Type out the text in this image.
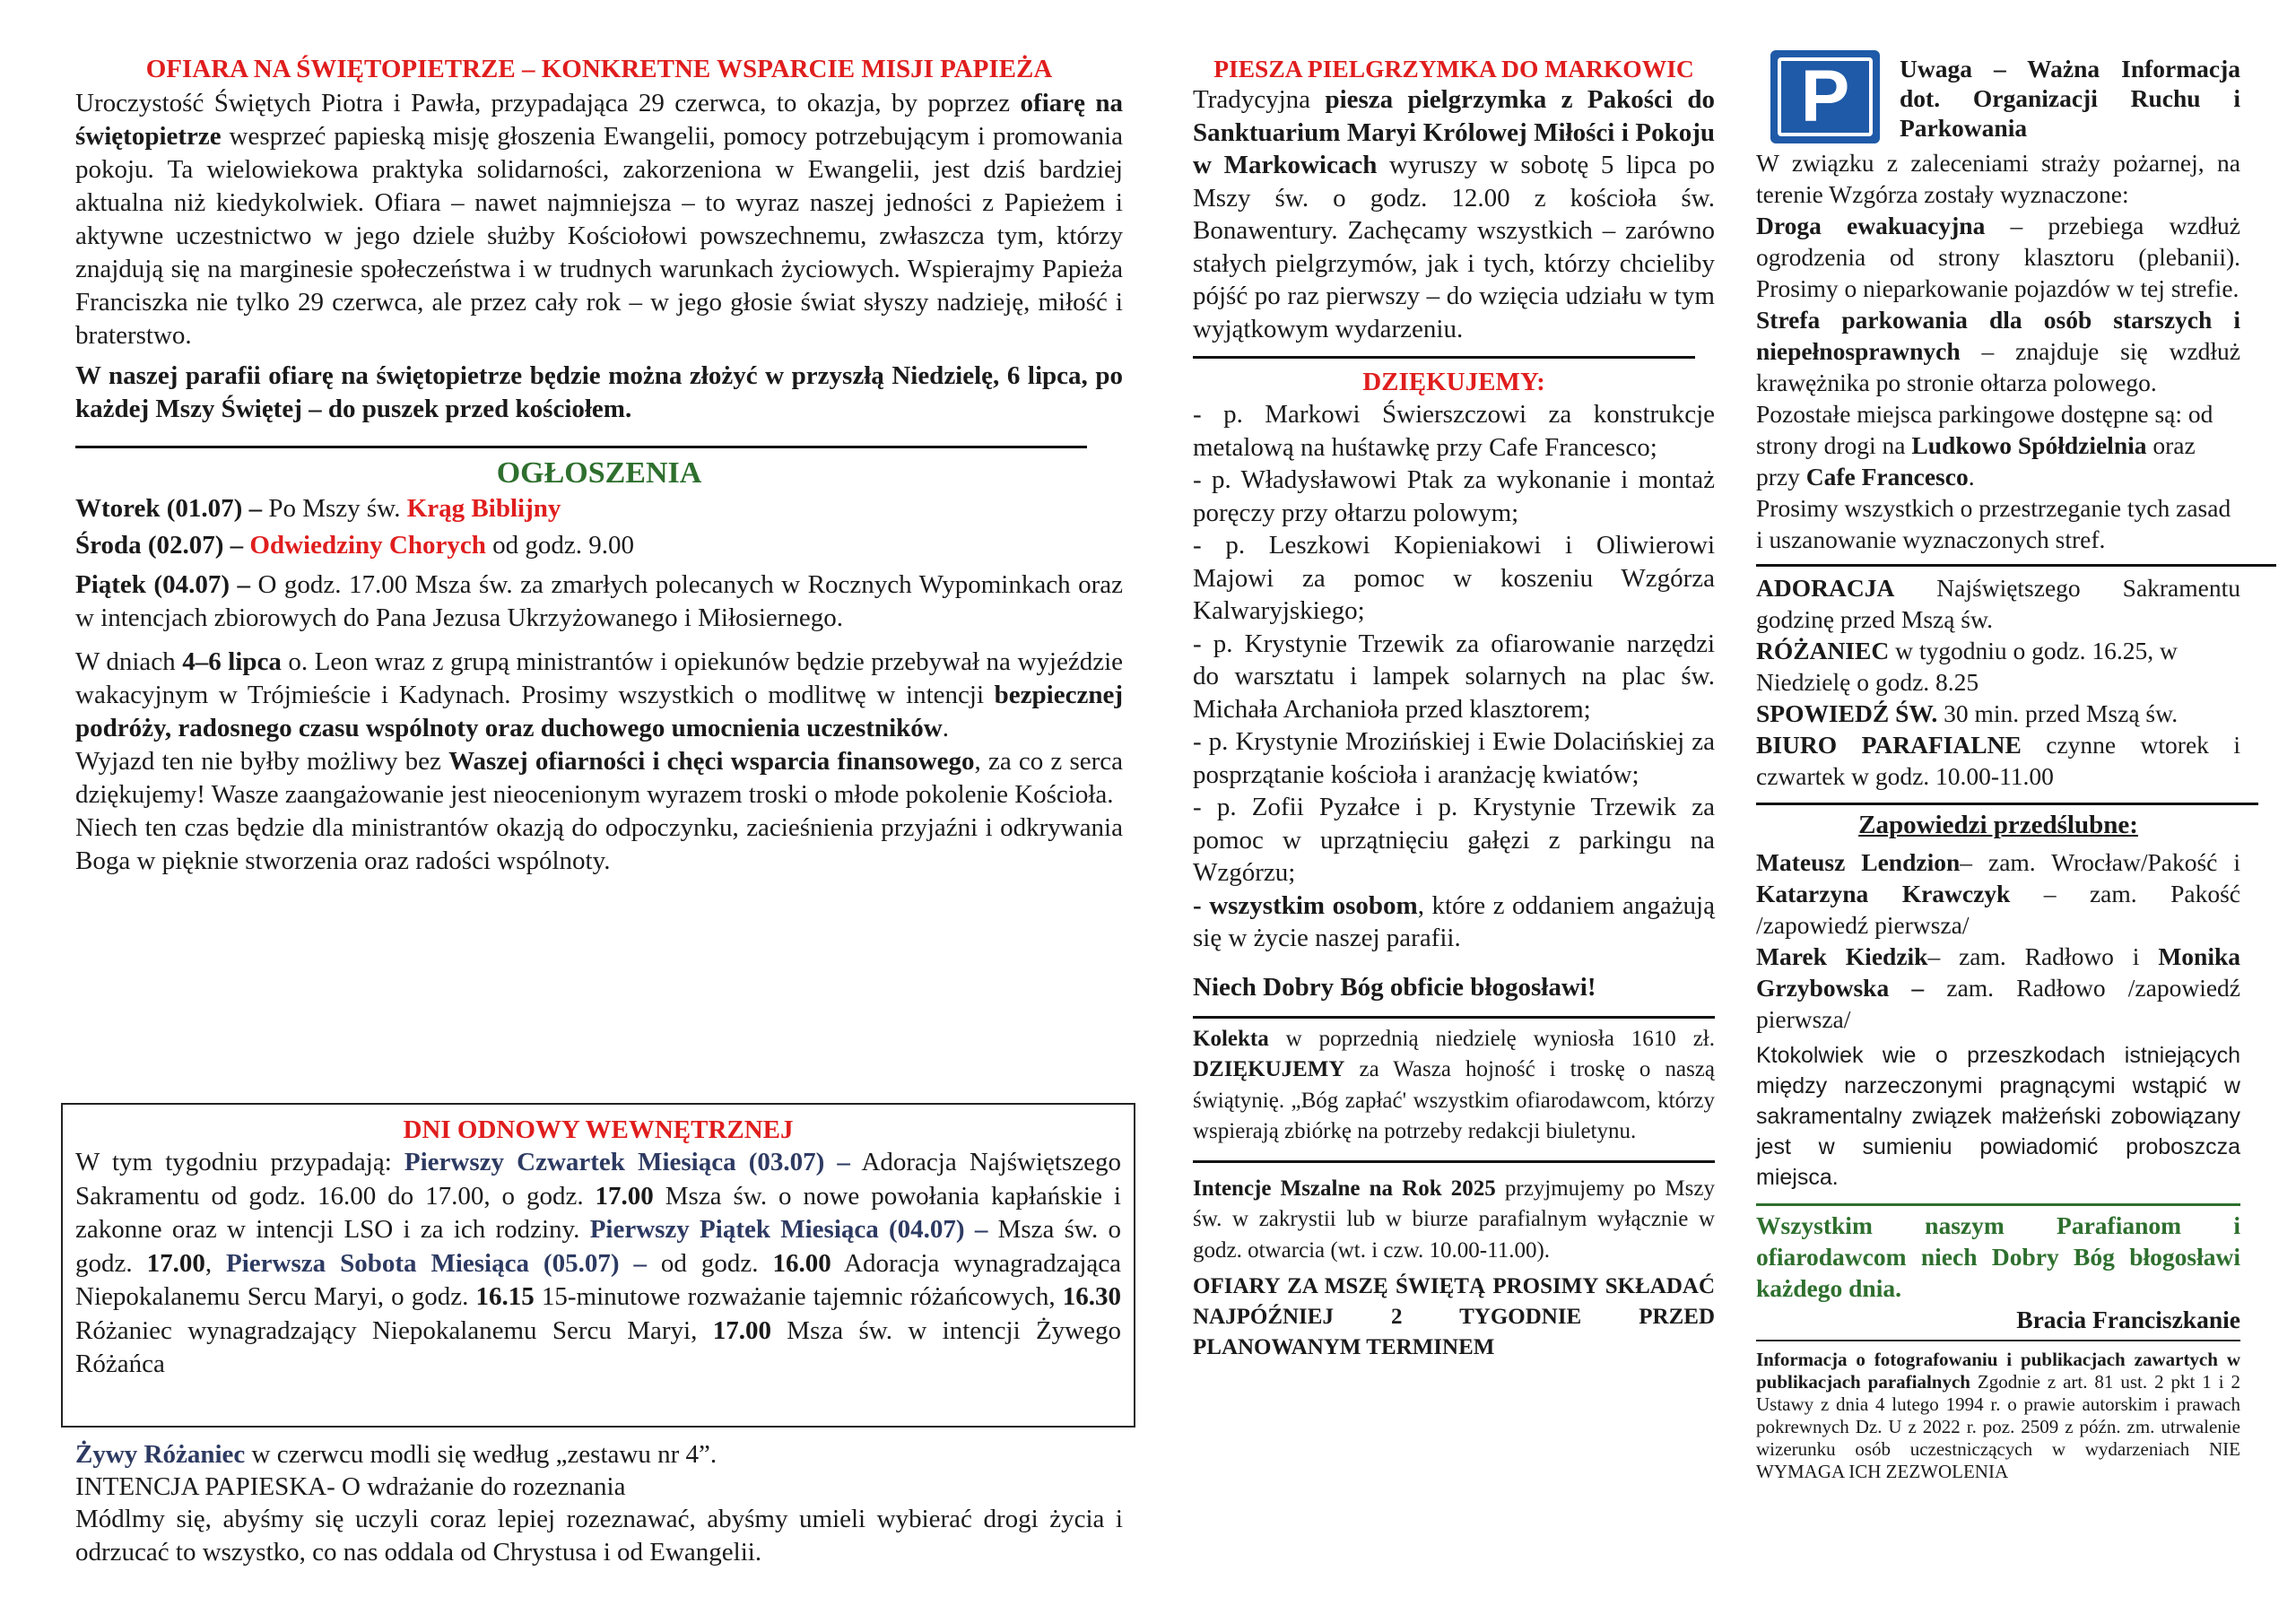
OFIARA NA ŚWIĘTOPIETRZE – KONKRETNE WSPARCIE MISJI PAPIEŻA

Uroczystość Świętych Piotra i Pawła, przypadająca 29 czerwca, to okazja, by poprzez ofiarę na świętopietrze wesprzeć papieską misję głoszenia Ewangelii, pomocy potrzebującym i promowania pokoju. Ta wielowiekowa praktyka solidarności, zakorzeniona w Ewangelii, jest dziś bardziej aktualna niż kiedykolwiek. Ofiara – nawet najmniejsza – to wyraz naszej jedności z Papieżem i aktywne uczestnictwo w jego dziele służby Kościołowi powszechnemu, zwłaszcza tym, którzy znajdują się na marginesie społeczeństwa i w trudnych warunkach życiowych. Wspierajmy Papieża Franciszka nie tylko 29 czerwca, ale przez cały rok – w jego głosie świat słyszy nadzieję, miłość i braterstwo.

W naszej parafii ofiarę na świętopietrze będzie można złożyć w przyszłą Niedzielę, 6 lipca, po każdej Mszy Świętej – do puszek przed kościołem.

OGŁOSZENIA

Wtorek (01.07) – Po Mszy św. Krąg Biblijny

Środa (02.07) – Odwiedziny Chorych od godz. 9.00

Piątek (04.07) – O godz. 17.00 Msza św. za zmarłych polecanych w Rocznych Wypominkach oraz w intencjach zbiorowych do Pana Jezusa Ukrzyżowanego i Miłosiernego.

W dniach 4–6 lipca o. Leon wraz z grupą ministrantów i opiekunów będzie przebywał na wyjeździe wakacyjnym w Trójmieście i Kadynach. Prosimy wszystkich o modlitwę w intencji bezpiecznej podróży, radosnego czasu wspólnoty oraz duchowego umocnienia uczestników.

Wyjazd ten nie byłby możliwy bez Waszej ofiarności i chęci wsparcia finansowego, za co z serca dziękujemy! Wasze zaangażowanie jest nieocenionym wyrazem troski o młode pokolenie Kościoła.

Niech ten czas będzie dla ministrantów okazją do odpoczynku, zacieśnienia przyjaźni i odkrywania Boga w pięknie stworzenia oraz radości wspólnoty.

DNI ODNOWY WEWNĘTRZNEJ

W tym tygodniu przypadają: Pierwszy Czwartek Miesiąca (03.07) – Adoracja Najświętszego Sakramentu od godz. 16.00 do 17.00, o godz. 17.00 Msza św. o nowe powołania kapłańskie i zakonne oraz w intencji LSO i za ich rodziny. Pierwszy Piątek Miesiąca (04.07) – Msza św. o godz. 17.00, Pierwsza Sobota Miesiąca (05.07) – od godz. 16.00 Adoracja wynagradzająca Niepokalanemu Sercu Maryi, o godz. 16.15 15-minutowe rozważanie tajemnic różańcowych, 16.30 Różaniec wynagradzający Niepokalanemu Sercu Maryi, 17.00 Msza św. w intencji Żywego Różańca

Żywy Różaniec w czerwcu modli się według „zestawu nr 4”.

INTENCJA PAPIESKA- O wdrażanie do rozeznania

Módlmy się, abyśmy się uczyli coraz lepiej rozeznawać, abyśmy umieli wybierać drogi życia i odrzucać to wszystko, co nas oddala od Chrystusa i od Ewangelii.

PIESZA PIELGRZYMKA DO MARKOWIC

Tradycyjna piesza pielgrzymka z Pakości do Sanktuarium Maryi Królowej Miłości i Pokoju w Markowicach wyruszy w sobotę 5 lipca po Mszy św. o godz. 12.00 z kościoła św. Bonawentury. Zachęcamy wszystkich – zarówno stałych pielgrzymów, jak i tych, którzy chcieliby pójść po raz pierwszy – do wzięcia udziału w tym wyjątkowym wydarzeniu.

DZIĘKUJEMY:

- p. Markowi Świerszczowi za konstrukcje metalową na huśtawkę przy Cafe Francesco;

- p. Władysławowi Ptak za wykonanie i montaż poręczy przy ołtarzu polowym;

- p. Leszkowi Kopieniakowi i Oliwierowi Majowi za pomoc w koszeniu Wzgórza Kalwaryjskiego;

- p. Krystynie Trzewik za ofiarowanie narzędzi do warsztatu i lampek solarnych na plac św. Michała Archanioła przed klasztorem;

- p. Krystynie Mrozińskiej i Ewie Dolacińskiej za posprzątanie kościoła i aranżację kwiatów;

- p. Zofii Pyzałce i p. Krystynie Trzewik za pomoc w uprzątnięciu gałęzi z parkingu na Wzgórzu;

- wszystkim osobom, które z oddaniem angażują się w życie naszej parafii.

Niech Dobry Bóg obficie błogosławi!

Kolekta w poprzednią niedzielę wyniosła 1610 zł. DZIĘKUJEMY za Wasza hojność i troskę o naszą świątynię. „Bóg zapłać' wszystkim ofiarodawcom, którzy wspierają zbiórkę na potrzeby redakcji biuletynu.

Intencje Mszalne na Rok 2025 przyjmujemy po Mszy św. w zakrystii lub w biurze parafialnym wyłącznie w godz. otwarcia (wt. i czw. 10.00-11.00).

OFIARY ZA MSZĘ ŚWIĘTĄ PROSIMY SKŁADAĆ NAJPÓŹNIEJ 2 TYGODNIE PRZED PLANOWANYM TERMINEM

P	Uwaga – Ważna Informacja dot. Organizacji Ruchu i Parkowania

W związku z zaleceniami straży pożarnej, na terenie Wzgórza zostały wyznaczone:

Droga ewakuacyjna – przebiega wzdłuż ogrodzenia od strony klasztoru (plebanii). Prosimy o nieparkowanie pojazdów w tej strefie.

Strefa parkowania dla osób starszych i niepełnosprawnych – znajduje się wzdłuż krawężnika po stronie ołtarza polowego.

Pozostałe miejsca parkingowe dostępne są: od strony drogi na Ludkowo Spółdzielnia oraz przy Cafe Francesco.

Prosimy wszystkich o przestrzeganie tych zasad i uszanowanie wyznaczonych stref.

ADORACJA Najświętszego Sakramentu godzinę przed Mszą św.

RÓŻANIEC w tygodniu o godz. 16.25, w Niedzielę o godz. 8.25

SPOWIEDŹ ŚW. 30 min. przed Mszą św.

BIURO PARAFIALNE czynne wtorek i czwartek w godz. 10.00-11.00

Zapowiedzi przedślubne:

Mateusz Lendzion– zam. Wrocław/Pakość i Katarzyna Krawczyk – zam. Pakość /zapowiedź pierwsza/

Marek Kiedzik– zam. Radłowo i Monika Grzybowska – zam. Radłowo /zapowiedź pierwsza/

Ktokolwiek wie o przeszkodach istniejących między narzeczonymi pragnącymi wstąpić w sakramentalny związek małżeński zobowiązany jest w sumieniu powiadomić proboszcza miejsca.

Wszystkim naszym Parafianom i ofiarodawcom niech Dobry Bóg błogosławi każdego dnia.

Bracia Franciszkanie

Informacja o fotografowaniu i publikacjach zawartych w publikacjach parafialnych Zgodnie z art. 81 ust. 2 pkt 1 i 2 Ustawy z dnia 4 lutego 1994 r. o prawie autorskim i prawach pokrewnych Dz. U z 2022 r. poz. 2509 z późn. zm. utrwalenie wizerunku osób uczestniczących w wydarzeniach NIE WYMAGA ICH ZEZWOLENIA
